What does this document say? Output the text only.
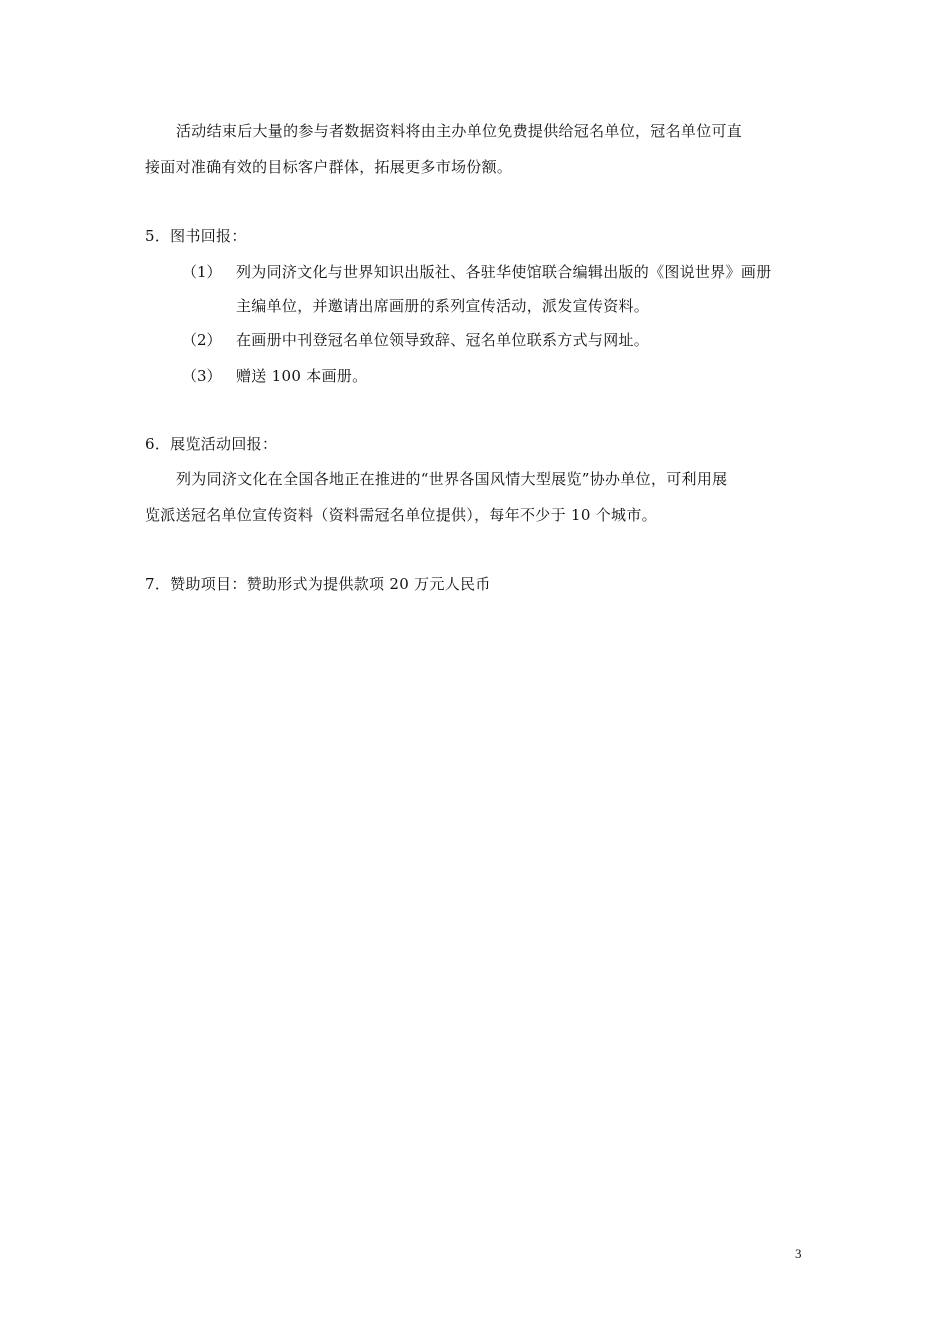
活动结束后大量的参与者数据资料将由主办单位免费提供给冠名单位，冠名单位可直
接面对准确有效的目标客户群体，拓展更多市场份额。
5．图书回报：
（1） 列为同济文化与世界知识出版社、各驻华使馆联合编辑出版的《图说世界》画册
主编单位，并邀请出席画册的系列宣传活动，派发宣传资料。
（2） 在画册中刊登冠名单位领导致辞、冠名单位联系方式与网址。
（3） 赠送 100 本画册。
6．展览活动回报：
列为同济文化在全国各地正在推进的“世界各国风情大型展览”协办单位，可利用展
览派送冠名单位宣传资料（资料需冠名单位提供），每年不少于 10 个城市。
7．赞助项目：赞助形式为提供款项 20 万元人民币
3
